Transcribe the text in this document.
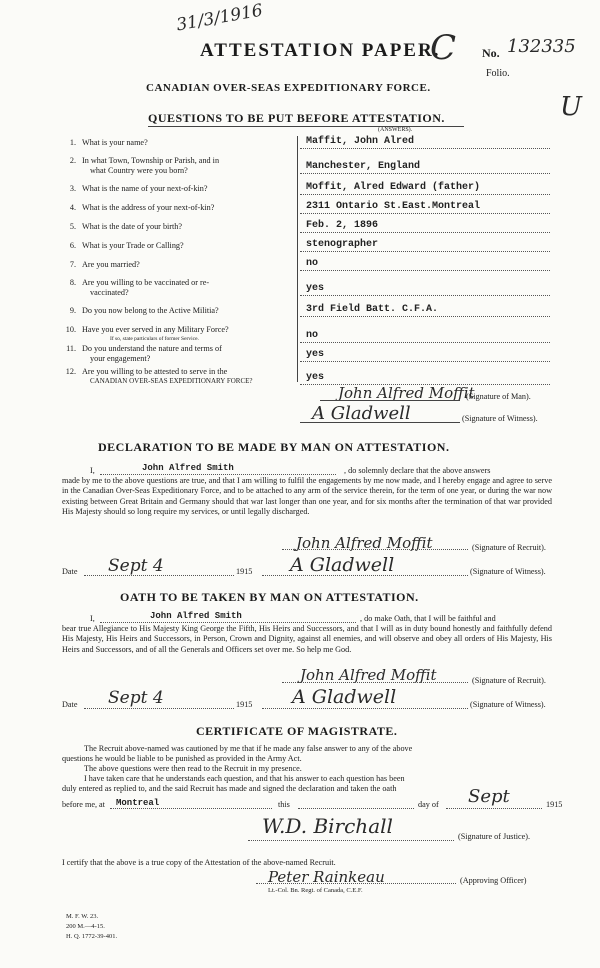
31/3/1916
ATTESTATION PAPER.
C No. 132335
Folio.
U
CANADIAN OVER-SEAS EXPEDITIONARY FORCE.
QUESTIONS TO BE PUT BEFORE ATTESTATION.
(ANSWERS).
1. What is your name?	Maffit, John Alred
2. In what Town, Township or Parish, and in
what Country were you born?	Manchester, England
3. What is the name of your next-of-kin?	Moffit, Alred Edward (father)
4. What is the address of your next-of-kin?	2311 Ontario St.East.Montreal
5. What is the date of your birth?	Feb. 2, 1896
6. What is your Trade or Calling?	stenographer
7. Are you married?	no
8. Are you willing to be vaccinated or re-
vaccinated?	yes
9. Do you now belong to the Active Militia?	3rd Field Batt. C.F.A.
10. Have you ever served in any Military Force?
If so, state particulars of former Service.	no
11. Do you understand the nature and terms of
your engagement?	yes
12. Are you willing to be attested to serve in the
CANADIAN OVER-SEAS EXPEDITIONARY FORCE?	yes
John Alfred Moffit
(Signature of Man).
A Gladwell	(Signature of Witness).
DECLARATION TO BE MADE BY MAN ON ATTESTATION.
I,	John Alfred Smith	, do solemnly declare that the above answers
made by me to the above questions are true, and that I am willing to fulfil the engagements by me now made, and I hereby engage and agree to serve in the Canadian Over-Seas Expeditionary Force, and to be attached to any arm of the service therein, for the term of one year, or during the war now existing between Great Britain and Germany should that war last longer than one year, and for six months after the termination of that war provided His Majesty should so long require my services, or until legally discharged.
John Alfred Moffit	(Signature of Recruit).
Date Sept 4	1915 A Gladwell	(Signature of Witness).
OATH TO BE TAKEN BY MAN ON ATTESTATION.
I,	John Alfred Smith	, do make Oath, that I will be faithful and
bear true Allegiance to His Majesty King George the Fifth, His Heirs and Successors, and that I will as in duty bound honestly and faithfully defend His Majesty, His Heirs and Successors, in Person, Crown and Dignity, against all enemies, and will observe and obey all orders of His Majesty, His Heirs and Successors, and of all the Generals and Officers set over me. So help me God.
John Alfred Moffit	(Signature of Recruit).
Date Sept 4	1915 A Gladwell	(Signature of Witness).
CERTIFICATE OF MAGISTRATE.
The Recruit above-named was cautioned by me that if he made any false answer to any of the above
questions he would be liable to be punished as provided in the Army Act.
The above questions were then read to the Recruit in my presence.
I have taken care that he understands each question, and that his answer to each question has been
duly entered as replied to, and the said Recruit has made and signed the declaration and taken the oath
before me, at Montreal	this	day of Sept	1915
W.D. Birchall	(Signature of Justice).
I certify that the above is a true copy of the Attestation of the above-named Recruit.
Peter Rainkeau	(Approving Officer)
Lt.-Col. Bn. Regt. of Canada, C.E.F.
M. F. W. 23.
200 M.—4-15.
H. Q. 1772-39-401.
